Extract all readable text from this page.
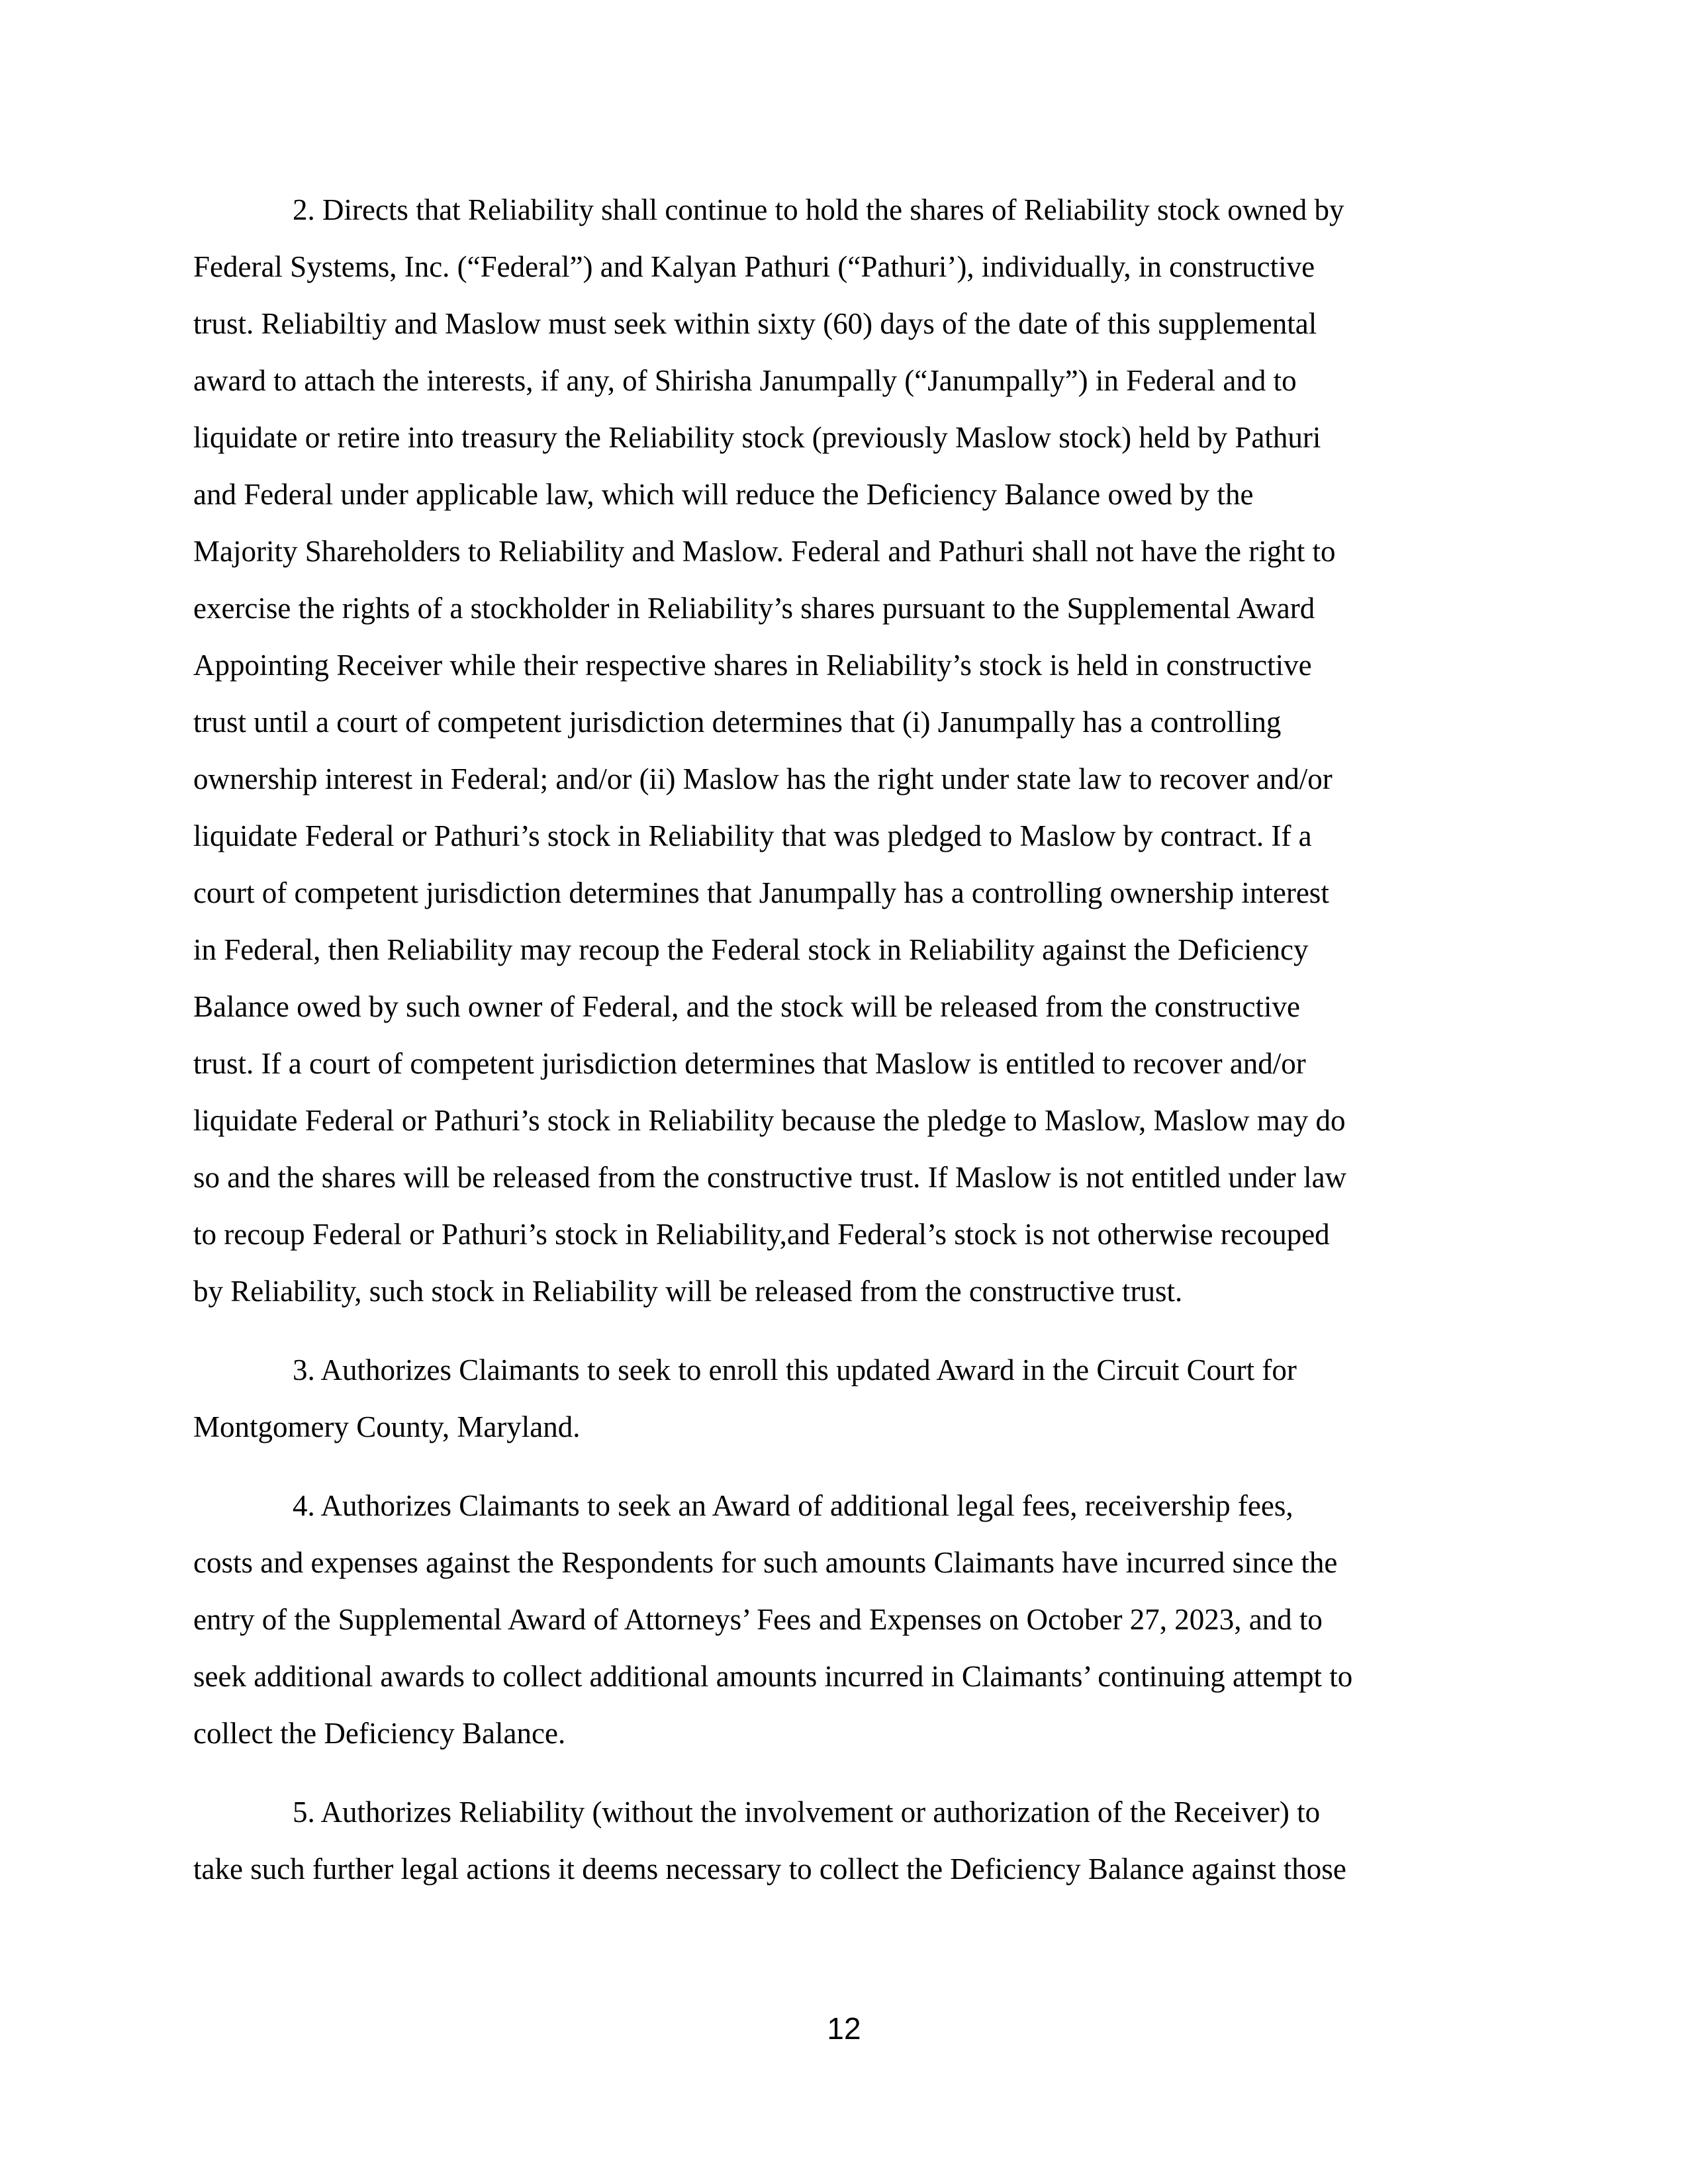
2. Directs that Reliability shall continue to hold the shares of Reliability stock owned by
Federal Systems, Inc. (“Federal”) and Kalyan Pathuri (“Pathuri’), individually, in constructive
trust. Reliabiltiy and Maslow must seek within sixty (60) days of the date of this supplemental
award to attach the interests, if any, of Shirisha Janumpally (“Janumpally”) in Federal and to
liquidate or retire into treasury the Reliability stock (previously Maslow stock) held by Pathuri
and Federal under applicable law, which will reduce the Deficiency Balance owed by the
Majority Shareholders to Reliability and Maslow. Federal and Pathuri shall not have the right to
exercise the rights of a stockholder in Reliability’s shares pursuant to the Supplemental Award
Appointing Receiver while their respective shares in Reliability’s stock is held in constructive
trust until a court of competent jurisdiction determines that (i) Janumpally has a controlling
ownership interest in Federal; and/or (ii) Maslow has the right under state law to recover and/or
liquidate Federal or Pathuri’s stock in Reliability that was pledged to Maslow by contract. If a
court of competent jurisdiction determines that Janumpally has a controlling ownership interest
in Federal, then Reliability may recoup the Federal stock in Reliability against the Deficiency
Balance owed by such owner of Federal, and the stock will be released from the constructive
trust. If a court of competent jurisdiction determines that Maslow is entitled to recover and/or
liquidate Federal or Pathuri’s stock in Reliability because the pledge to Maslow, Maslow may do
so and the shares will be released from the constructive trust. If Maslow is not entitled under law
to recoup Federal or Pathuri’s stock in Reliability,and Federal’s stock is not otherwise recouped
by Reliability, such stock in Reliability will be released from the constructive trust.
3. Authorizes Claimants to seek to enroll this updated Award in the Circuit Court for
Montgomery County, Maryland.
4. Authorizes Claimants to seek an Award of additional legal fees, receivership fees,
costs and expenses against the Respondents for such amounts Claimants have incurred since the
entry of the Supplemental Award of Attorneys’ Fees and Expenses on October 27, 2023, and to
seek additional awards to collect additional amounts incurred in Claimants’ continuing attempt to
collect the Deficiency Balance.
5. Authorizes Reliability (without the involvement or authorization of the Receiver) to
take such further legal actions it deems necessary to collect the Deficiency Balance against those
12
